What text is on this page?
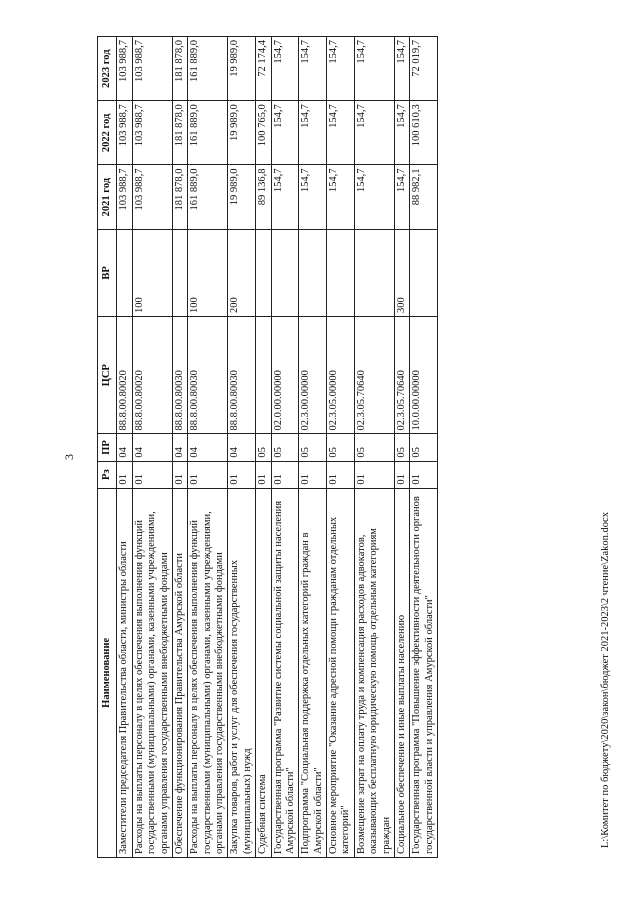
3
Наименование	Рз	ПР	ЦСР	ВР	2021 год	2022 год	2023 год
Заместители председателя Правительства области, министры области	01	04	88.8.00.80020		103 988,7	103 988,7	103 988,7
Расходы на выплаты персоналу в целях обеспечения выполнения функций государственными (муниципальными) органами, казенными учреждениями, органами управления государственными внебюджетными фондами	01	04	88.8.00.80020	100	103 988,7	103 988,7	103 988,7
Обеспечение функционирования Правительства Амурской области	01	04	88.8.00.80030		181 878,0	181 878,0	181 878,0
Расходы на выплаты персоналу в целях обеспечения выполнения функций государственными (муниципальными) органами, казенными учреждениями, органами управления государственными внебюджетными фондами	01	04	88.8.00.80030	100	161 889,0	161 889,0	161 889,0
Закупка товаров, работ и услуг для обеспечения государственных (муниципальных) нужд	01	04	88.8.00.80030	200	19 989,0	19 989,0	19 989,0
Судебная система	01	05			89 136,8	100 765,0	72 174,4
Государственная программа "Развитие системы социальной защиты населения Амурской области"	01	05	02.0.00.00000		154,7	154,7	154,7
Подпрограмма "Социальная поддержка отдельных категорий граждан в Амурской области"	01	05	02.3.00.00000		154,7	154,7	154,7
Основное мероприятие "Оказание адресной помощи гражданам отдельных категорий"	01	05	02.3.05.00000		154,7	154,7	154,7
Возмещение затрат на оплату труда и компенсация расходов адвокатов, оказывающих бесплатную юридическую помощь отдельным категориям граждан	01	05	02.3.05.70640		154,7	154,7	154,7
Социальное обеспечение и иные выплаты населению	01	05	02.3.05.70640	300	154,7	154,7	154,7
Государственная программа "Повышение эффективности деятельности органов государственной власти и управления Амурской области"	01	05	10.0.00.00000		88 982,1	100 610,3	72 019,7
L:\Комитет по бюджету\2020\закон\бюджет 2021-2023\2 чтение\Zakon.docx
